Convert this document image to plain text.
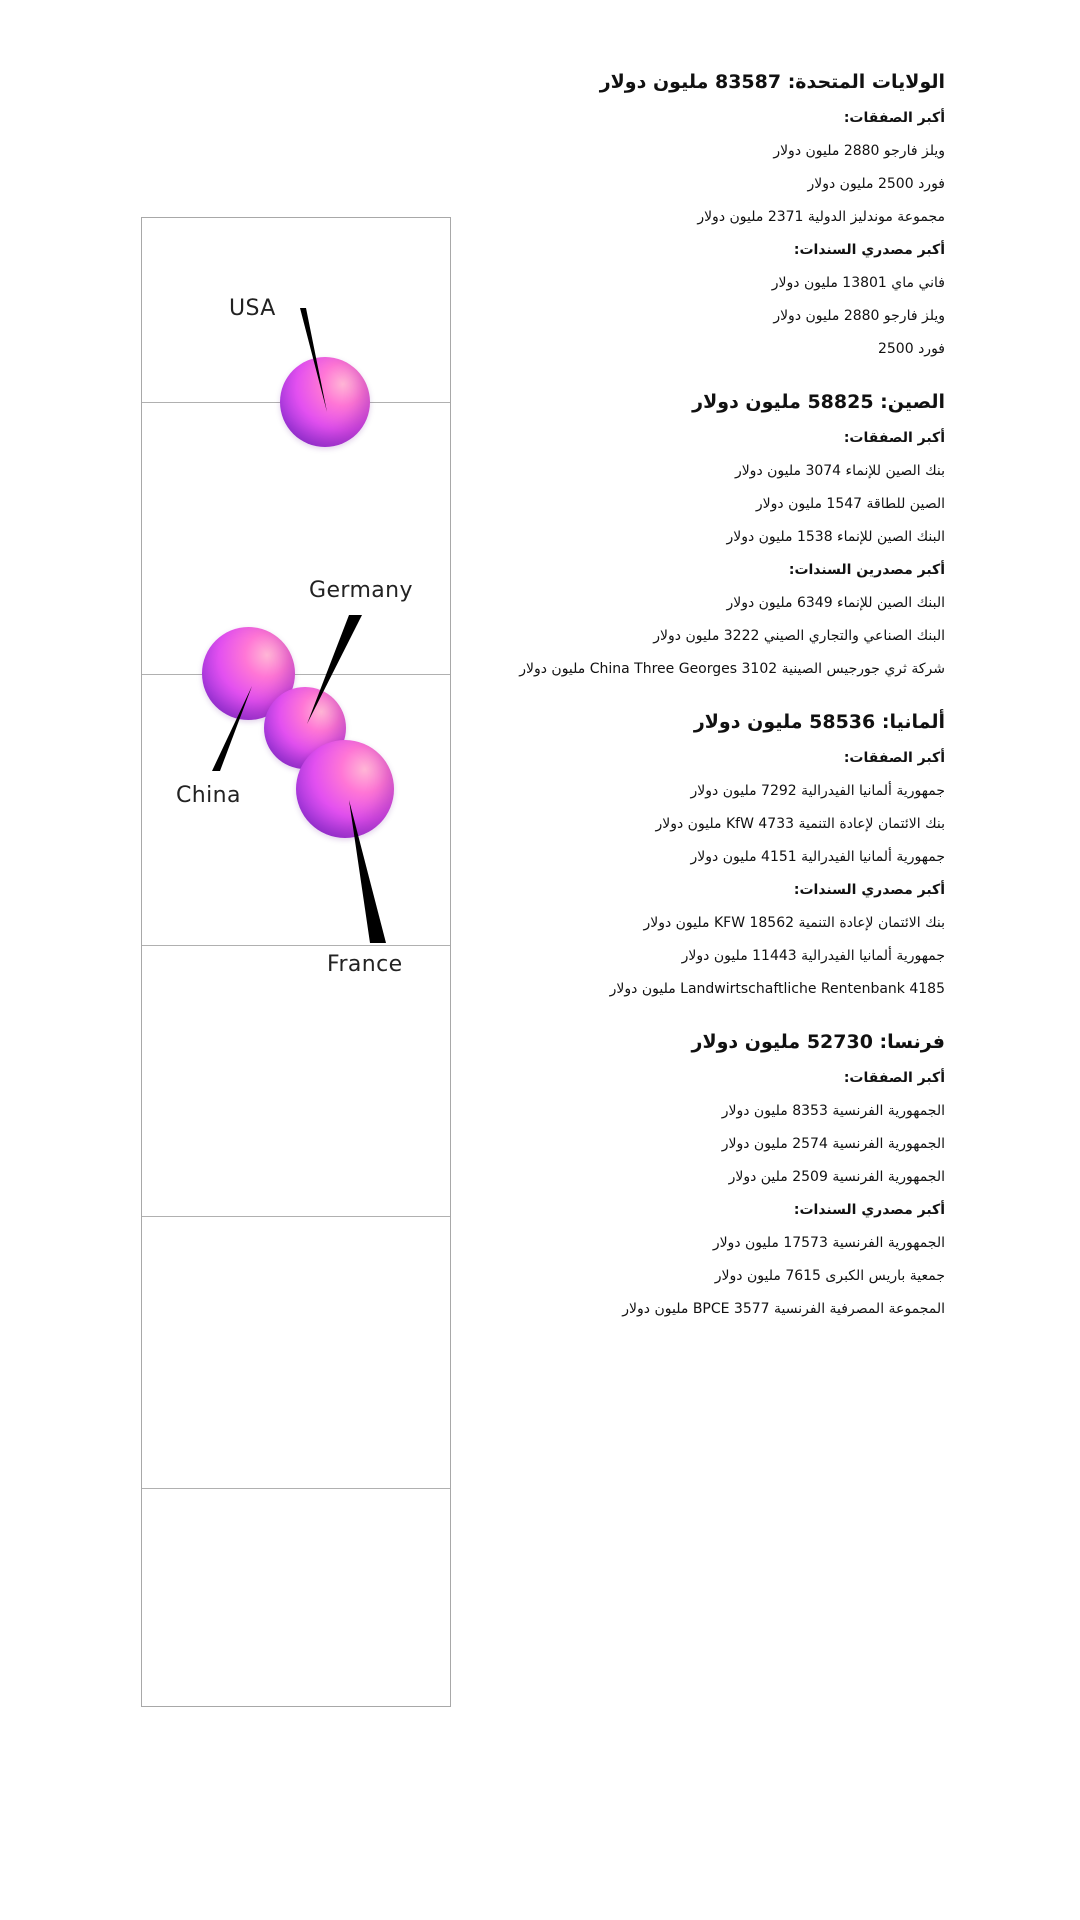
USA
Germany
China
France
الولايات المتحدة: 83587 مليون دولار
أكبر الصفقات:
ويلز فارجو 2880 مليون دولار
فورد 2500 مليون دولار
مجموعة موندليز الدولية 2371 مليون دولار
أكبر مصدري السندات:
فاني ماي 13801 مليون دولار
ويلز فارجو 2880 مليون دولار
فورد 2500
الصين: 58825 مليون دولار
أكبر الصفقات:
بنك الصين للإنماء 3074 مليون دولار
الصين للطاقة 1547 مليون دولار
البنك الصين للإنماء 1538 مليون دولار
أكبر مصدرين السندات:
البنك الصين للإنماء 6349 مليون دولار
البنك الصناعي والتجاري الصيني 3222 مليون دولار
شركة ثري جورجيس الصينية China Three Georges 3102 مليون دولار
ألمانيا: 58536 مليون دولار
أكبر الصفقات:
جمهورية ألمانيا الفيدرالية 7292 مليون دولار
بنك الائتمان لإعادة التنمية 4733 KfW مليون دولار
جمهورية ألمانيا الفيدرالية 4151 مليون دولار
أكبر مصدري السندات:
بنك الائتمان لإعادة التنمية KFW 18562 مليون دولار
جمهورية ألمانيا الفيدرالية 11443 مليون دولار
Landwirtschaftliche Rentenbank 4185 مليون دولار
فرنسا: 52730 مليون دولار
أكبر الصفقات:
الجمهورية الفرنسية 8353 مليون دولار
الجمهورية الفرنسية 2574 مليون دولار
الجمهورية الفرنسية 2509 ملين دولار
أكبر مصدري السندات:
الجمهورية الفرنسية 17573 مليون دولار
جمعية باريس الكبرى 7615 مليون دولار
المجموعة المصرفية الفرنسية BPCE 3577 مليون دولار
